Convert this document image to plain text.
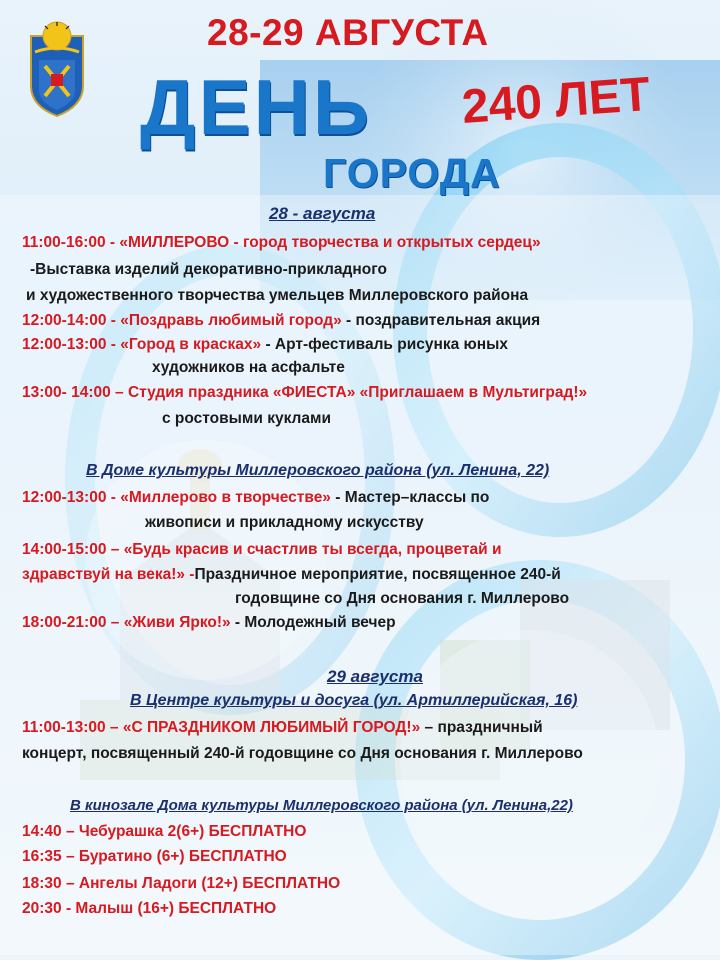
28-29 АВГУСТА
ДЕНЬ 240 ЛЕТ
ГОРОДА
28 - августа
11:00-16:00 - «МИЛЛЕРОВО - город творчества и открытых сердец»
-Выставка изделий декоративно-прикладного
и художественного творчества умельцев Миллеровского района
12:00-14:00 - «Поздравь любимый город» - поздравительная акция
12:00-13:00 - «Город в красках» - Арт-фестиваль рисунка юных
художников на асфальте
13:00- 14:00 – Студия праздника «ФИЕСТА» «Приглашаем в Мультиград!»
с ростовыми куклами
В Доме культуры Миллеровского района (ул. Ленина, 22)
12:00-13:00 - «Миллерово в творчестве» - Мастер–классы по
живописи и прикладному искусству
14:00-15:00 – «Будь красив и счастлив ты всегда, процветай и
здравствуй на века!» -Праздничное мероприятие, посвященное 240-й
годовщине со Дня основания г. Миллерово
18:00-21:00 – «Живи Ярко!» - Молодежный вечер
29 августа
В Центре культуры и досуга (ул. Артиллерийская, 16)
11:00-13:00 – «С ПРАЗДНИКОМ ЛЮБИМЫЙ ГОРОД!» – праздничный
концерт, посвященный 240-й годовщине со Дня основания г. Миллерово
В кинозале Дома культуры Миллеровского района (ул. Ленина,22)
14:40 – Чебурашка 2(6+) БЕСПЛАТНО
16:35 – Буратино (6+) БЕСПЛАТНО
18:30 – Ангелы Ладоги (12+) БЕСПЛАТНО
20:30 - Малыш (16+) БЕСПЛАТНО
